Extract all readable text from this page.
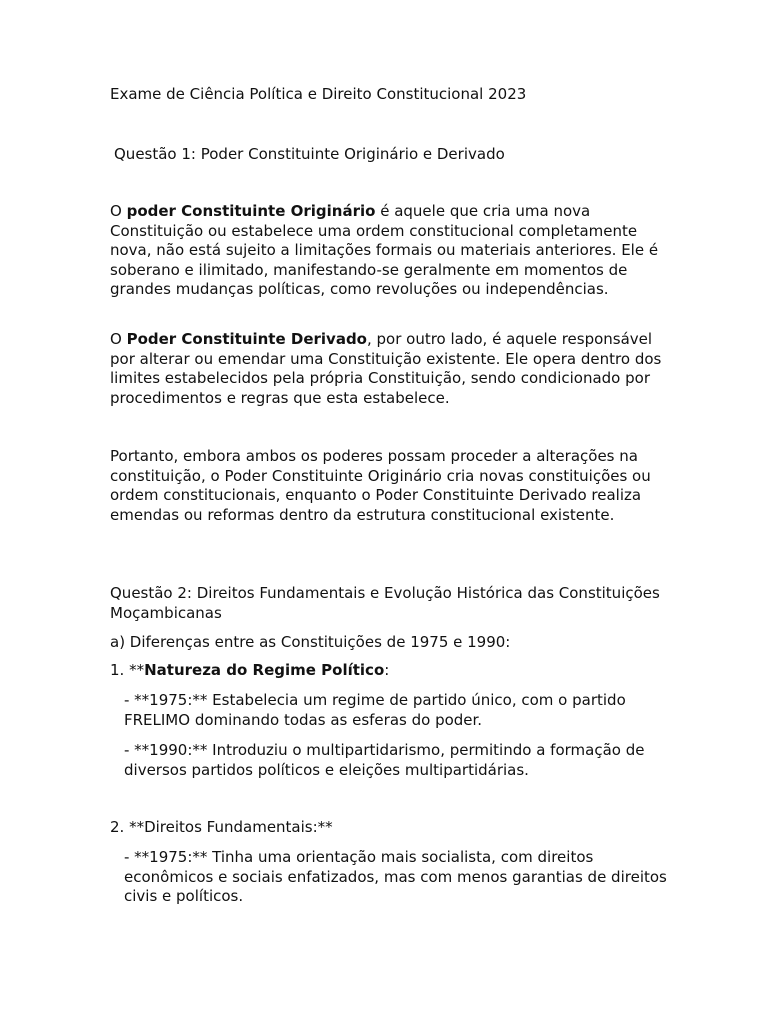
Exame de Ciência Política e Direito Constitucional 2023

Questão 1: Poder Constituinte Originário e Derivado

O poder Constituinte Originário é aquele que cria uma nova Constituição ou estabelece uma ordem constitucional completamente nova, não está sujeito a limitações formais ou materiais anteriores. Ele é soberano e ilimitado, manifestando-se geralmente em momentos de grandes mudanças políticas, como revoluções ou independências.

O Poder Constituinte Derivado, por outro lado, é aquele responsável por alterar ou emendar uma Constituição existente. Ele opera dentro dos limites estabelecidos pela própria Constituição, sendo condicionado por procedimentos e regras que esta estabelece.

Portanto, embora ambos os poderes possam proceder a alterações na constituição, o Poder Constituinte Originário cria novas constituições ou ordem constitucionais, enquanto o Poder Constituinte Derivado realiza emendas ou reformas dentro da estrutura constitucional existente.

Questão 2: Direitos Fundamentais e Evolução Histórica das Constituições Moçambicanas

a) Diferenças entre as Constituições de 1975 e 1990:

1. **Natureza do Regime Político:

- **1975:** Estabelecia um regime de partido único, com o partido FRELIMO dominando todas as esferas do poder.

- **1990:** Introduziu o multipartidarismo, permitindo a formação de diversos partidos políticos e eleições multipartidárias.

2. **Direitos Fundamentais:**

- **1975:** Tinha uma orientação mais socialista, com direitos econômicos e sociais enfatizados, mas com menos garantias de direitos civis e políticos.
